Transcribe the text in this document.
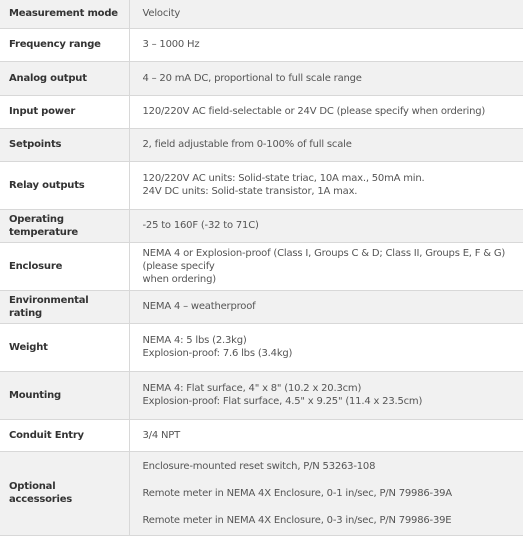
Measurement mode	Velocity

Frequency range	3 – 1000 Hz

Analog output	4 – 20 mA DC, proportional to full scale range

Input power	120/220V AC field-selectable or 24V DC (please specify when ordering)

Setpoints	2, field adjustable from 0-100% of full scale

Relay outputs	120/220V AC units: Solid-state triac, 10A max., 50mA min.
24V DC units: Solid-state transistor, 1A max.

Operating temperature	-25 to 160F (-32 to 71C)

Enclosure	NEMA 4 or Explosion-proof (Class I, Groups C & D; Class II, Groups E, F & G)(please specify
when ordering)

Environmental rating	NEMA 4 – weatherproof

Weight	NEMA 4: 5 lbs (2.3kg)
Explosion-proof: 7.6 lbs (3.4kg)

Mounting	NEMA 4: Flat surface, 4" x 8" (10.2 x 20.3cm)
Explosion-proof: Flat surface, 4.5" x 9.25" (11.4 x 23.5cm)

Conduit Entry	3/4 NPT

Optional accessories	Enclosure-mounted reset switch, P/N 53263-108
Remote meter in NEMA 4X Enclosure, 0-1 in/sec, P/N 79986-39A
Remote meter in NEMA 4X Enclosure, 0-3 in/sec, P/N 79986-39E
